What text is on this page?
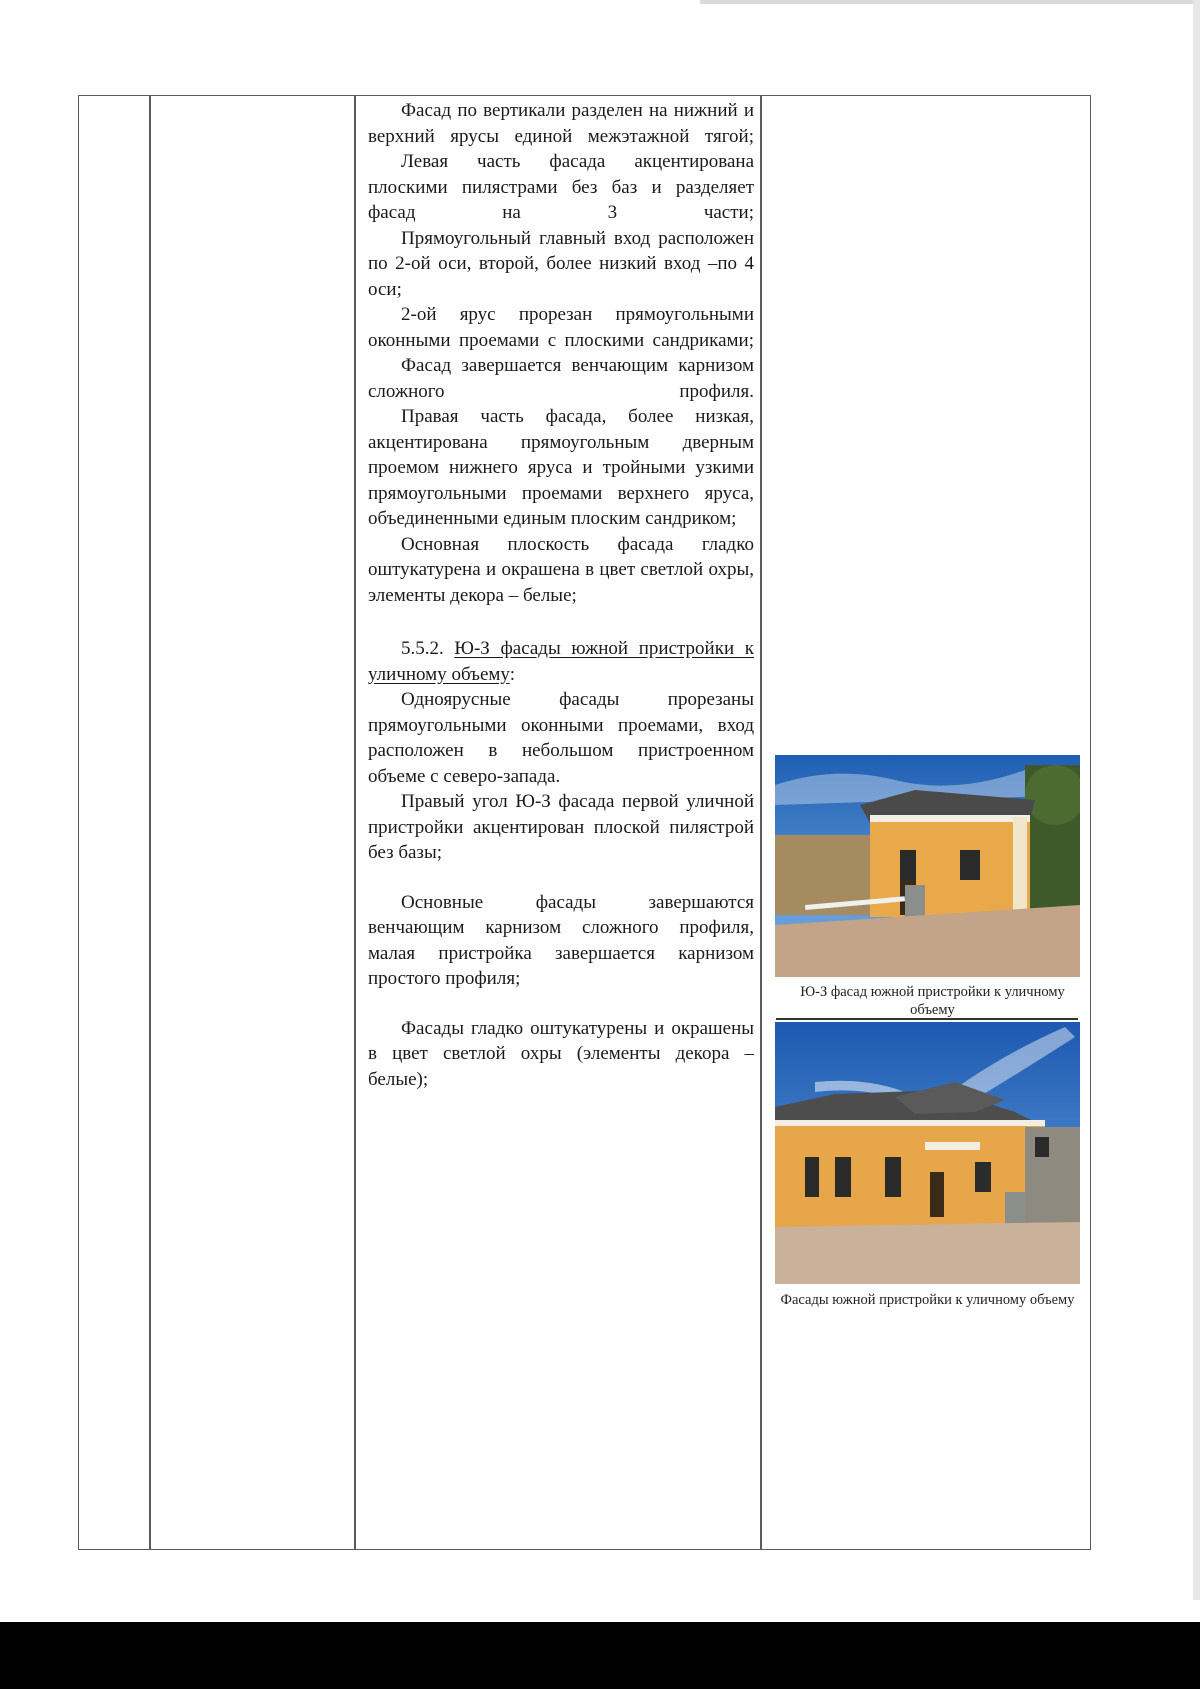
Фасад по вертикали разделен на нижний и верхний ярусы единой межэтажной тягой;

Левая часть фасада акцентирована плоскими пилястрами без баз и разделяет фасад на 3 части;

Прямоугольный главный вход расположен по 2-ой оси, второй, более низкий вход –по 4 оси;

2-ой ярус прорезан прямоугольными оконными проемами с плоскими сандриками;

Фасад завершается венчающим карнизом сложного профиля.

Правая часть фасада, более низкая, акцентирована прямоугольным дверным проемом нижнего яруса и тройными узкими прямоугольными проемами верхнего яруса, объединенными единым плоским сандриком;

Основная плоскость фасада гладко оштукатурена и окрашена в цвет светлой охры, элементы декора – белые;

5.5.2. Ю-З фасады южной пристройки к уличному объему:

Одноярусные фасады прорезаны прямоугольными оконными проемами, вход расположен в небольшом пристроенном объеме с северо-запада.

Правый угол Ю-З фасада первой уличной пристройки акцентирован плоской пилястрой без базы;

Основные фасады завершаются венчающим карнизом сложного профиля, малая пристройка завершается карнизом простого профиля;

Фасады гладко оштукатурены и окрашены в цвет светлой охры (элементы декора – белые);

Ю-З фасад южной пристройки к уличному объему
Фасады южной пристройки к уличному объему
